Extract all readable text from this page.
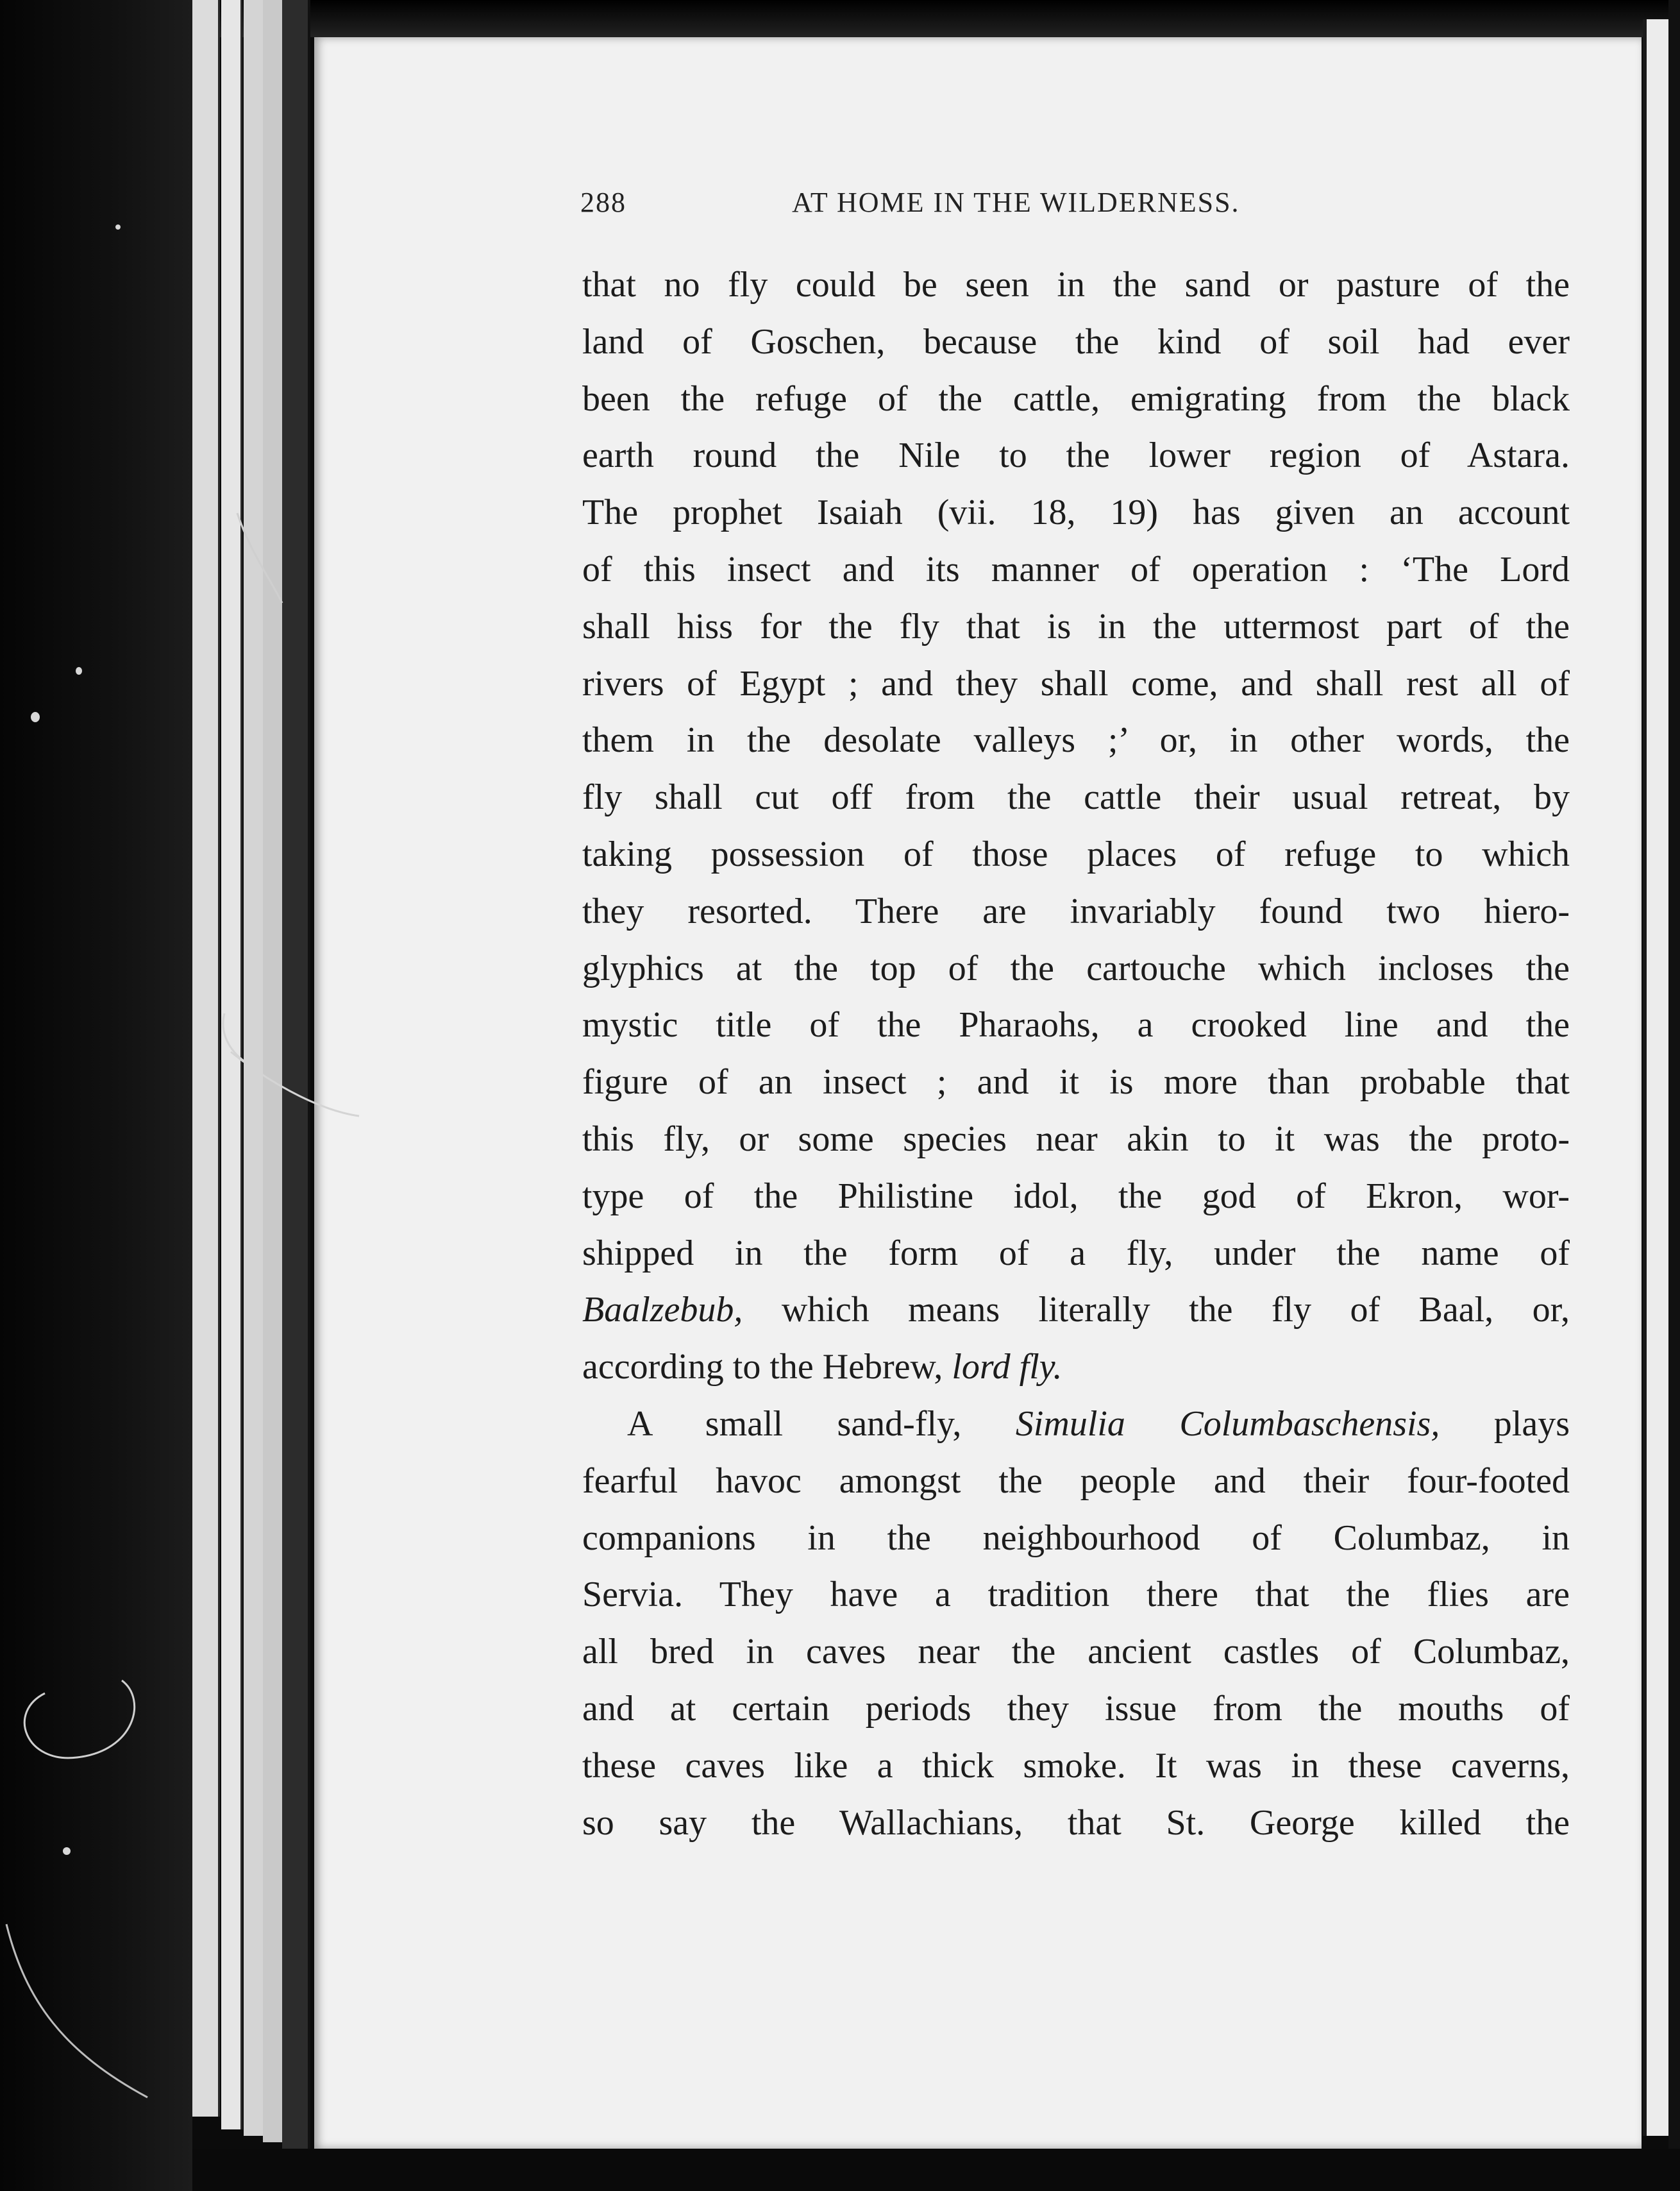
288	AT HOME IN THE WILDERNESS.
that no fly could be seen in the sand or pasture of the
land of Goschen, because the kind of soil had ever
been the refuge of the cattle, emigrating from the black
earth round the Nile to the lower region of Astara.
The prophet Isaiah (vii. 18, 19) has given an account
of this insect and its manner of operation : ‘The Lord
shall hiss for the fly that is in the uttermost part of the
rivers of Egypt ; and they shall come, and shall rest all of
them in the desolate valleys ;’ or, in other words, the
fly shall cut off from the cattle their usual retreat, by
taking possession of those places of refuge to which
they resorted. There are invariably found two hiero-
glyphics at the top of the cartouche which incloses the
mystic title of the Pharaohs, a crooked line and the
figure of an insect ; and it is more than probable that
this fly, or some species near akin to it was the proto-
type of the Philistine idol, the god of Ekron, wor-
shipped in the form of a fly, under the name of
Baalzebub, which means literally the fly of Baal, or,
according to the Hebrew, lord fly.
A small sand-fly, Simulia Columbaschensis, plays
fearful havoc amongst the people and their four-footed
companions in the neighbourhood of Columbaz, in
Servia. They have a tradition there that the flies are
all bred in caves near the ancient castles of Columbaz,
and at certain periods they issue from the mouths of
these caves like a thick smoke. It was in these caverns,
so say the Wallachians, that St. George killed the
